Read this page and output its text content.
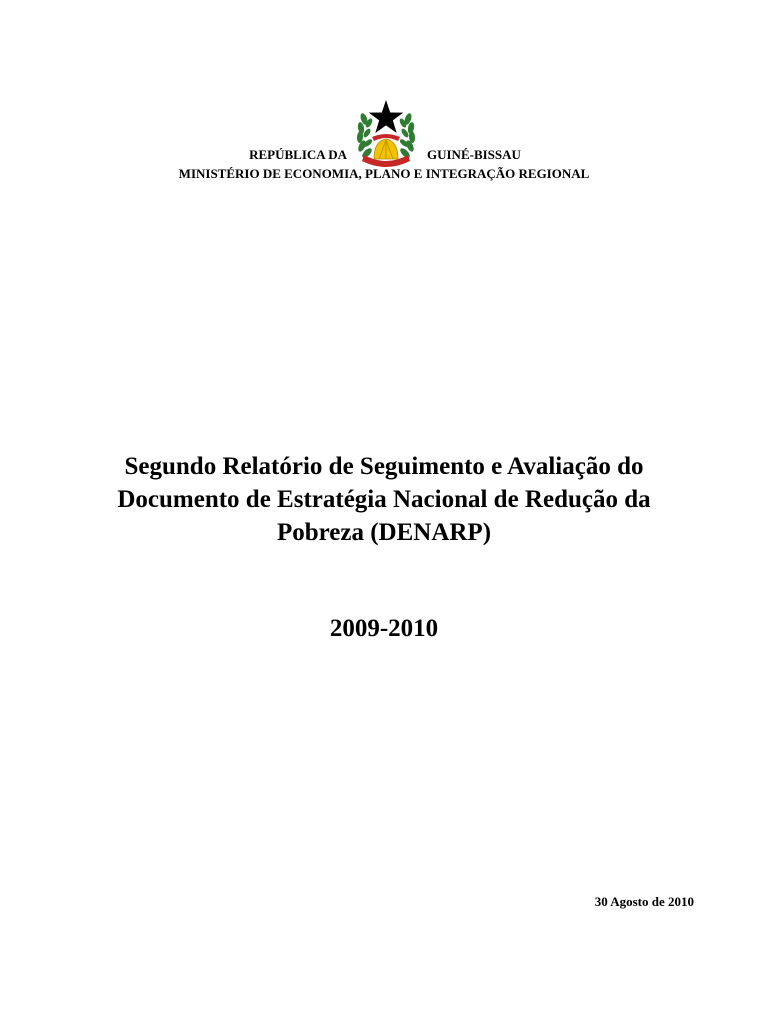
REPÚBLICA DA	GUINÉ-BISSAU
MINISTÉRIO DE ECONOMIA, PLANO E INTEGRAÇÃO REGIONAL
Segundo Relatório de Seguimento e Avaliação do
Documento de Estratégia Nacional de Redução da
Pobreza (DENARP)
2009-2010
30 Agosto de 2010
